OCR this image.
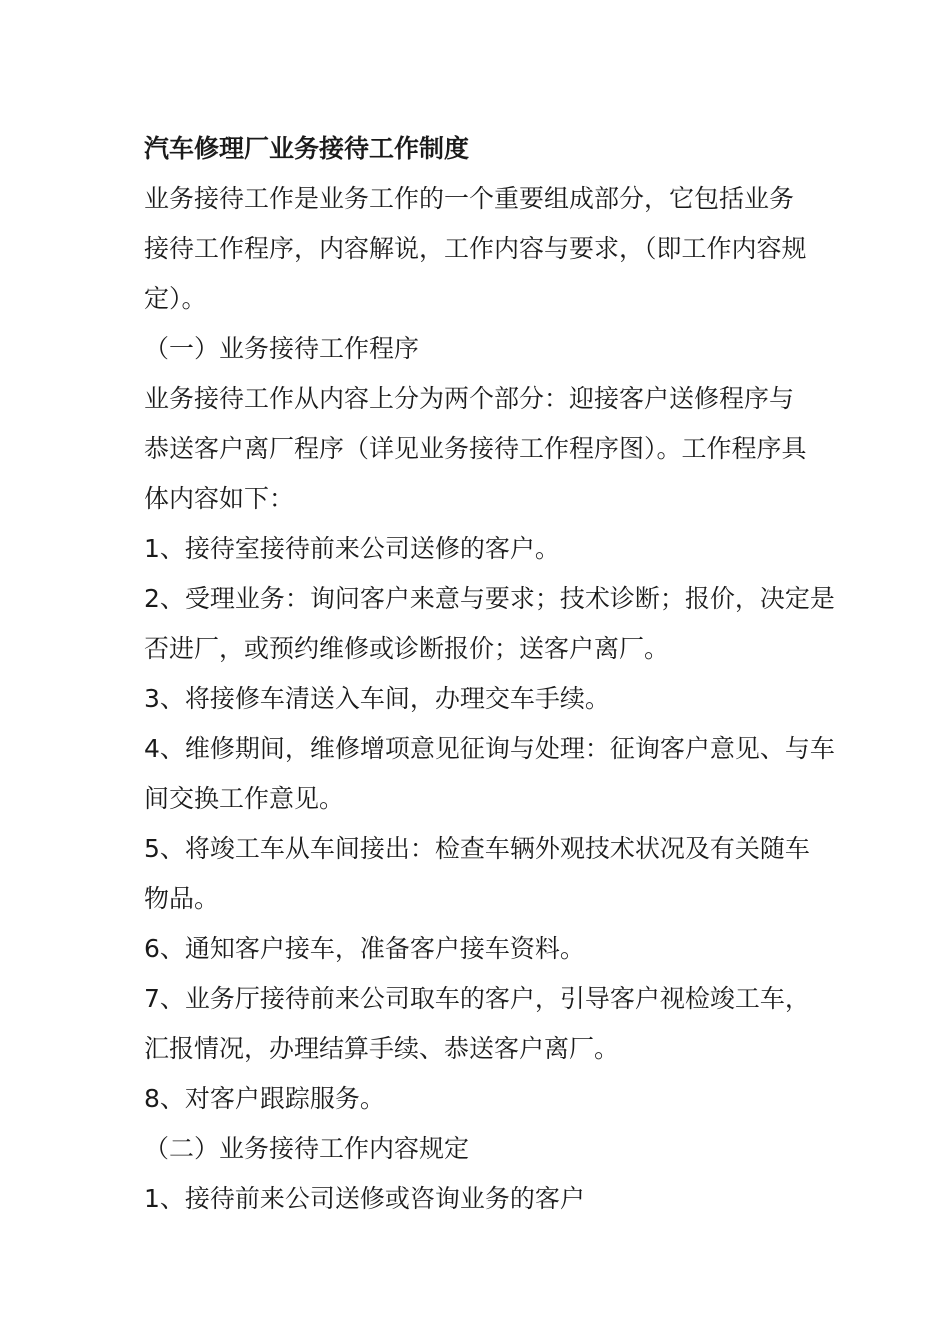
汽车修理厂业务接待工作制度
业务接待工作是业务工作的一个重要组成部分，它包括业务
接待工作程序，内容解说，工作内容与要求，（即工作内容规
定）。
（一）业务接待工作程序
业务接待工作从内容上分为两个部分：迎接客户送修程序与
恭送客户离厂程序（详见业务接待工作程序图）。工作程序具
体内容如下：
1、接待室接待前来公司送修的客户。
2、受理业务：询问客户来意与要求；技术诊断；报价，决定是
否进厂，或预约维修或诊断报价；送客户离厂。
3、将接修车清送入车间，办理交车手续。
4、维修期间，维修增项意见征询与处理：征询客户意见、与车
间交换工作意见。
5、将竣工车从车间接出：检查车辆外观技术状况及有关随车
物品。
6、通知客户接车，准备客户接车资料。
7、业务厅接待前来公司取车的客户，引导客户视检竣工车，
汇报情况，办理结算手续、恭送客户离厂。
8、对客户跟踪服务。
（二）业务接待工作内容规定
1、接待前来公司送修或咨询业务的客户
